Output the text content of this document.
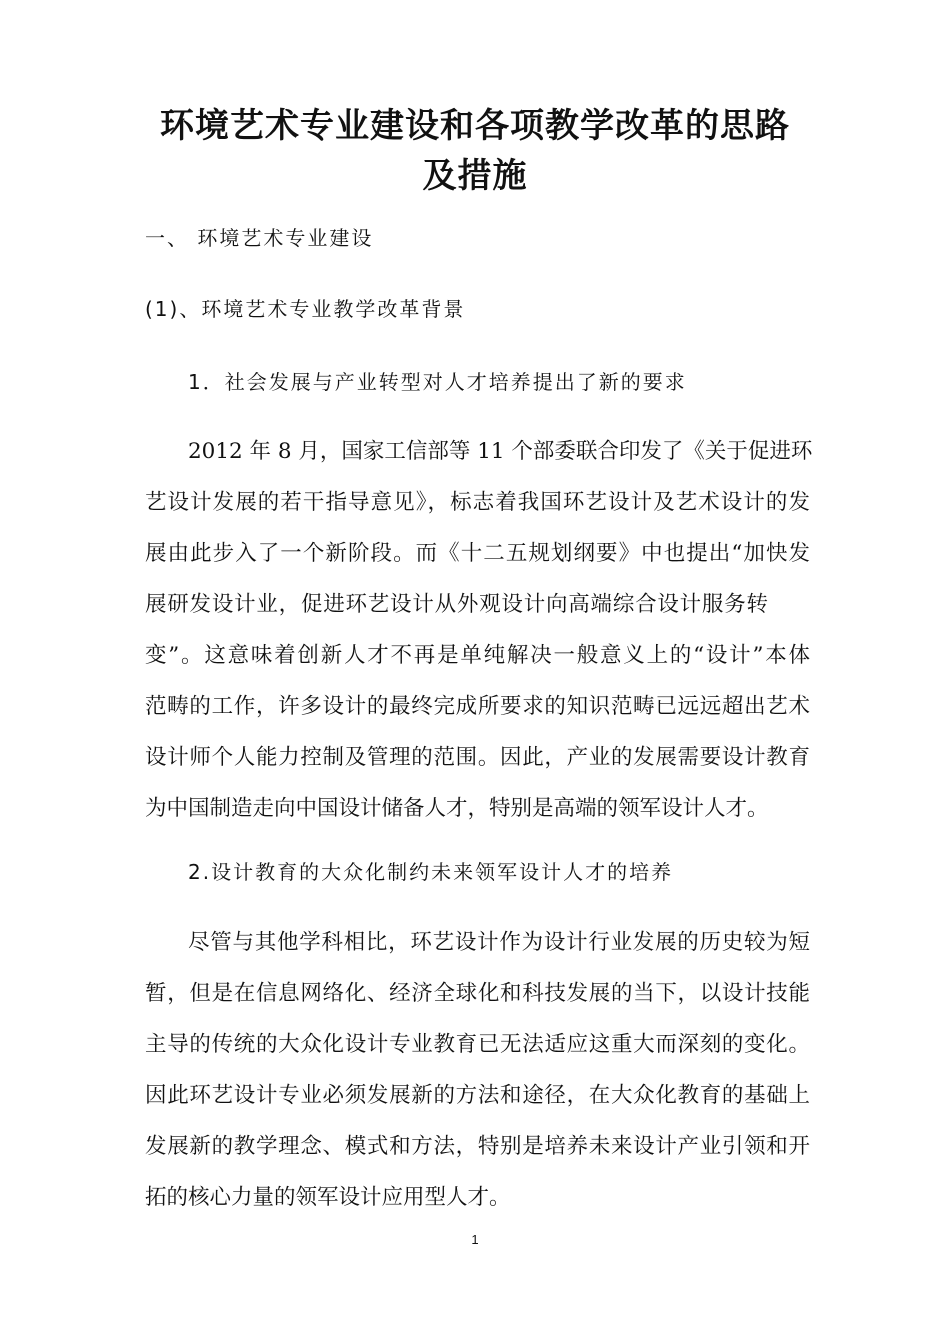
环境艺术专业建设和各项教学改革的思路
及措施

一、 环境艺术专业建设

(1)、环境艺术专业教学改革背景

1．社会发展与产业转型对人才培养提出了新的要求

2012 年 8 月，国家工信部等 11 个部委联合印发了《关于促进环
艺设计发展的若干指导意见》，标志着我国环艺设计及艺术设计的发
展由此步入了一个新阶段。而《十二五规划纲要》中也提出“加快发
展研发设计业，促进环艺设计从外观设计向高端综合设计服务转
变”。这意味着创新人才不再是单纯解决一般意义上的“设计”本体
范畴的工作，许多设计的最终完成所要求的知识范畴已远远超出艺术
设计师个人能力控制及管理的范围。因此，产业的发展需要设计教育
为中国制造走向中国设计储备人才，特别是高端的领军设计人才。

2.设计教育的大众化制约未来领军设计人才的培养

尽管与其他学科相比，环艺设计作为设计行业发展的历史较为短
暂，但是在信息网络化、经济全球化和科技发展的当下，以设计技能
主导的传统的大众化设计专业教育已无法适应这重大而深刻的变化。
因此环艺设计专业必须发展新的方法和途径，在大众化教育的基础上
发展新的教学理念、模式和方法，特别是培养未来设计产业引领和开
拓的核心力量的领军设计应用型人才。

1
